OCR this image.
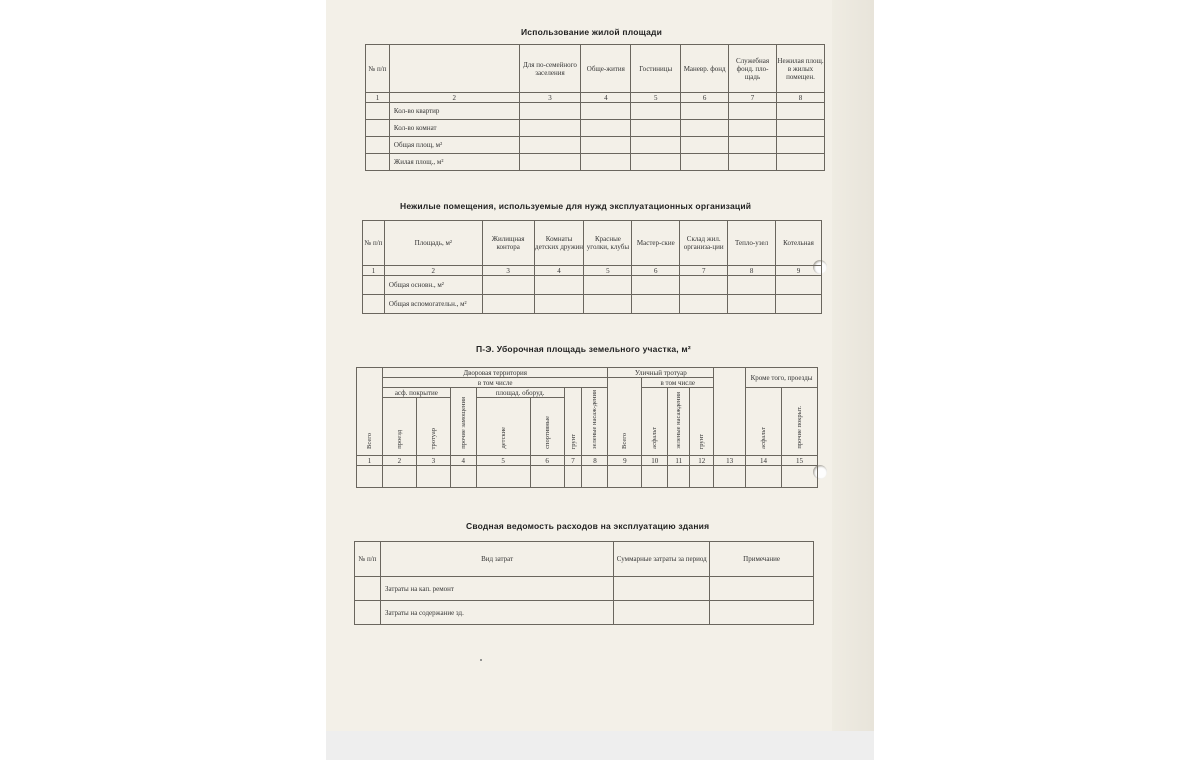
Использование жилой площади
№ п/п		Для по-семейного заселения	Обще-жития	Гостиницы	Маневр. фонд	Служебная фонд. пло-щадь	Нежилая площ. в жилых помещен.
1	2	3	4	5	6	7	8
	Кол-во квартир						
	Кол-во комнат						
	Общая площ, м²						
	Жилая площ., м²						
Нежилые помещения, используемые для нужд эксплуатационных организаций
№ п/п	Площадь, м²	Жилищная контора	Комнаты детских дружин	Красные уголки, клубы	Мастер-ские	Склад жил. организа-ции	Тепло-узел	Котельная
1	2	3	4	5	6	7	8	9
	Общая основн., м²							
	Общая вспомогательн., м²							
П-Э. Уборочная площадь земельного участка, м²
Всего	Дворовая территория							Уличный тротуар					Кроме того, проезды	
	в том числе							Всего	в том числе					
	асф. покрытие		прочие замощения	площад. оборуд.		грунт	зеленые насаж-дения		асфальт	зеленые насаждения	грунт		асфальт	прочие покрыт.
	проезд	тротуар		детские	спортивные									
1	2	3	4	5	6	7	8	9	10	11	12	13	14	15

Сводная ведомость расходов на эксплуатацию здания
№ п/п	Вид затрат	Суммарные затраты за период	Примечание
	Затраты на кап. ремонт		
	Затраты на содержание зд.		
